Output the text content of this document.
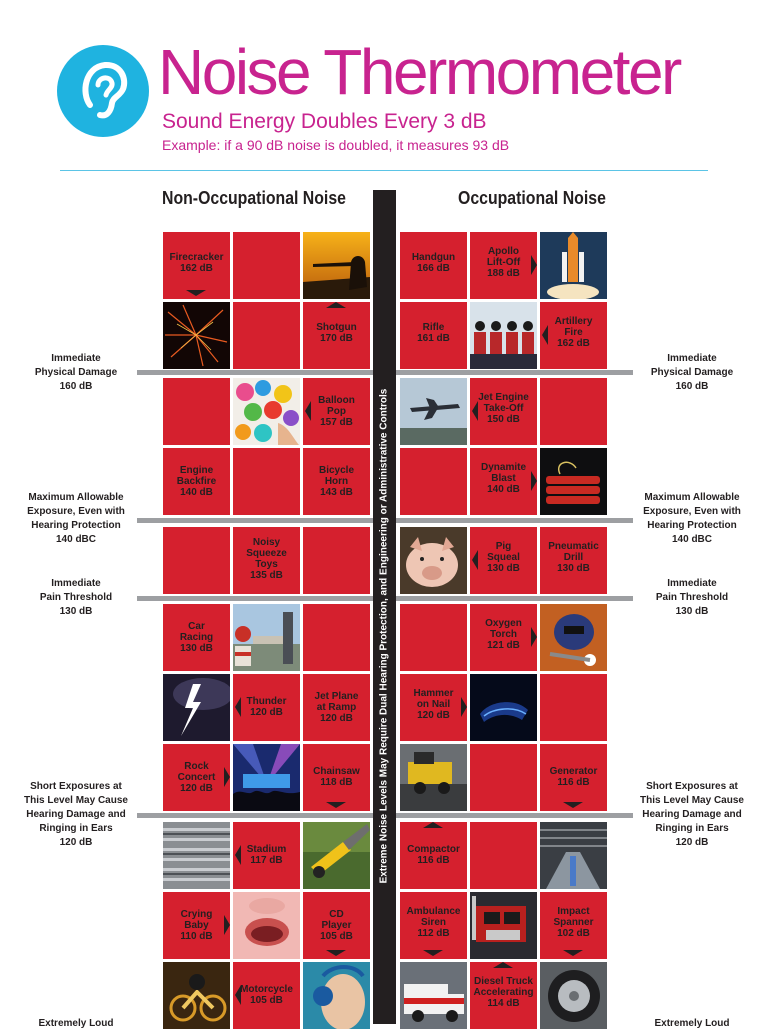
Noise Thermometer
Sound Energy Doubles Every 3 dB
Example: if a 90 dB noise is doubled, it measures 93 dB
Non-Occupational Noise	Occupational Noise
Immediate
Physical Damage
160 dB
Maximum Allowable
Exposure, Even with
Hearing Protection
140 dBC
Immediate
Pain Threshold
130 dB
Short Exposures at
This Level May Cause
Hearing Damage and
Ringing in Ears
120 dB
Extremely Loud
Immediate
Physical Damage
160 dB
Maximum Allowable
Exposure, Even with
Hearing Protection
140 dBC
Immediate
Pain Threshold
130 dB
Short Exposures at
This Level May Cause
Hearing Damage and
Ringing in Ears
120 dB
Extremely Loud
Firecracker
162 dB
Shotgun
170 dB
Balloon
Pop
157 dB
Engine
Backfire
140 dB
Bicycle
Horn
143 dB
Noisy
Squeeze
Toys
135 dB
Car
Racing
130 dB
Thunder
120 dB
Jet Plane
at Ramp
120 dB
Rock
Concert
120 dB
Chainsaw
118 dB
Stadium
117 dB
Crying
Baby
110 dB
CD
Player
105 dB
Motorcycle
105 dB
Handgun
166 dB
Apollo
Lift-Off
188 dB
Rifle
161 dB
Artillery
Fire
162 dB
Jet Engine
Take-Off
150 dB
Dynamite
Blast
140 dB
Pig
Squeal
130 dB
Pneumatic
Drill
130 dB
Oxygen
Torch
121 dB
Hammer
on Nail
120 dB
Generator
116 dB
Compactor
116 dB
Ambulance
Siren
112 dB
Impact
Spanner
102 dB
Diesel Truck
Accelerating
114 dB
Extreme Noise Levels May Require Dual Hearing Protection, and Engineering or Administrative Controls
